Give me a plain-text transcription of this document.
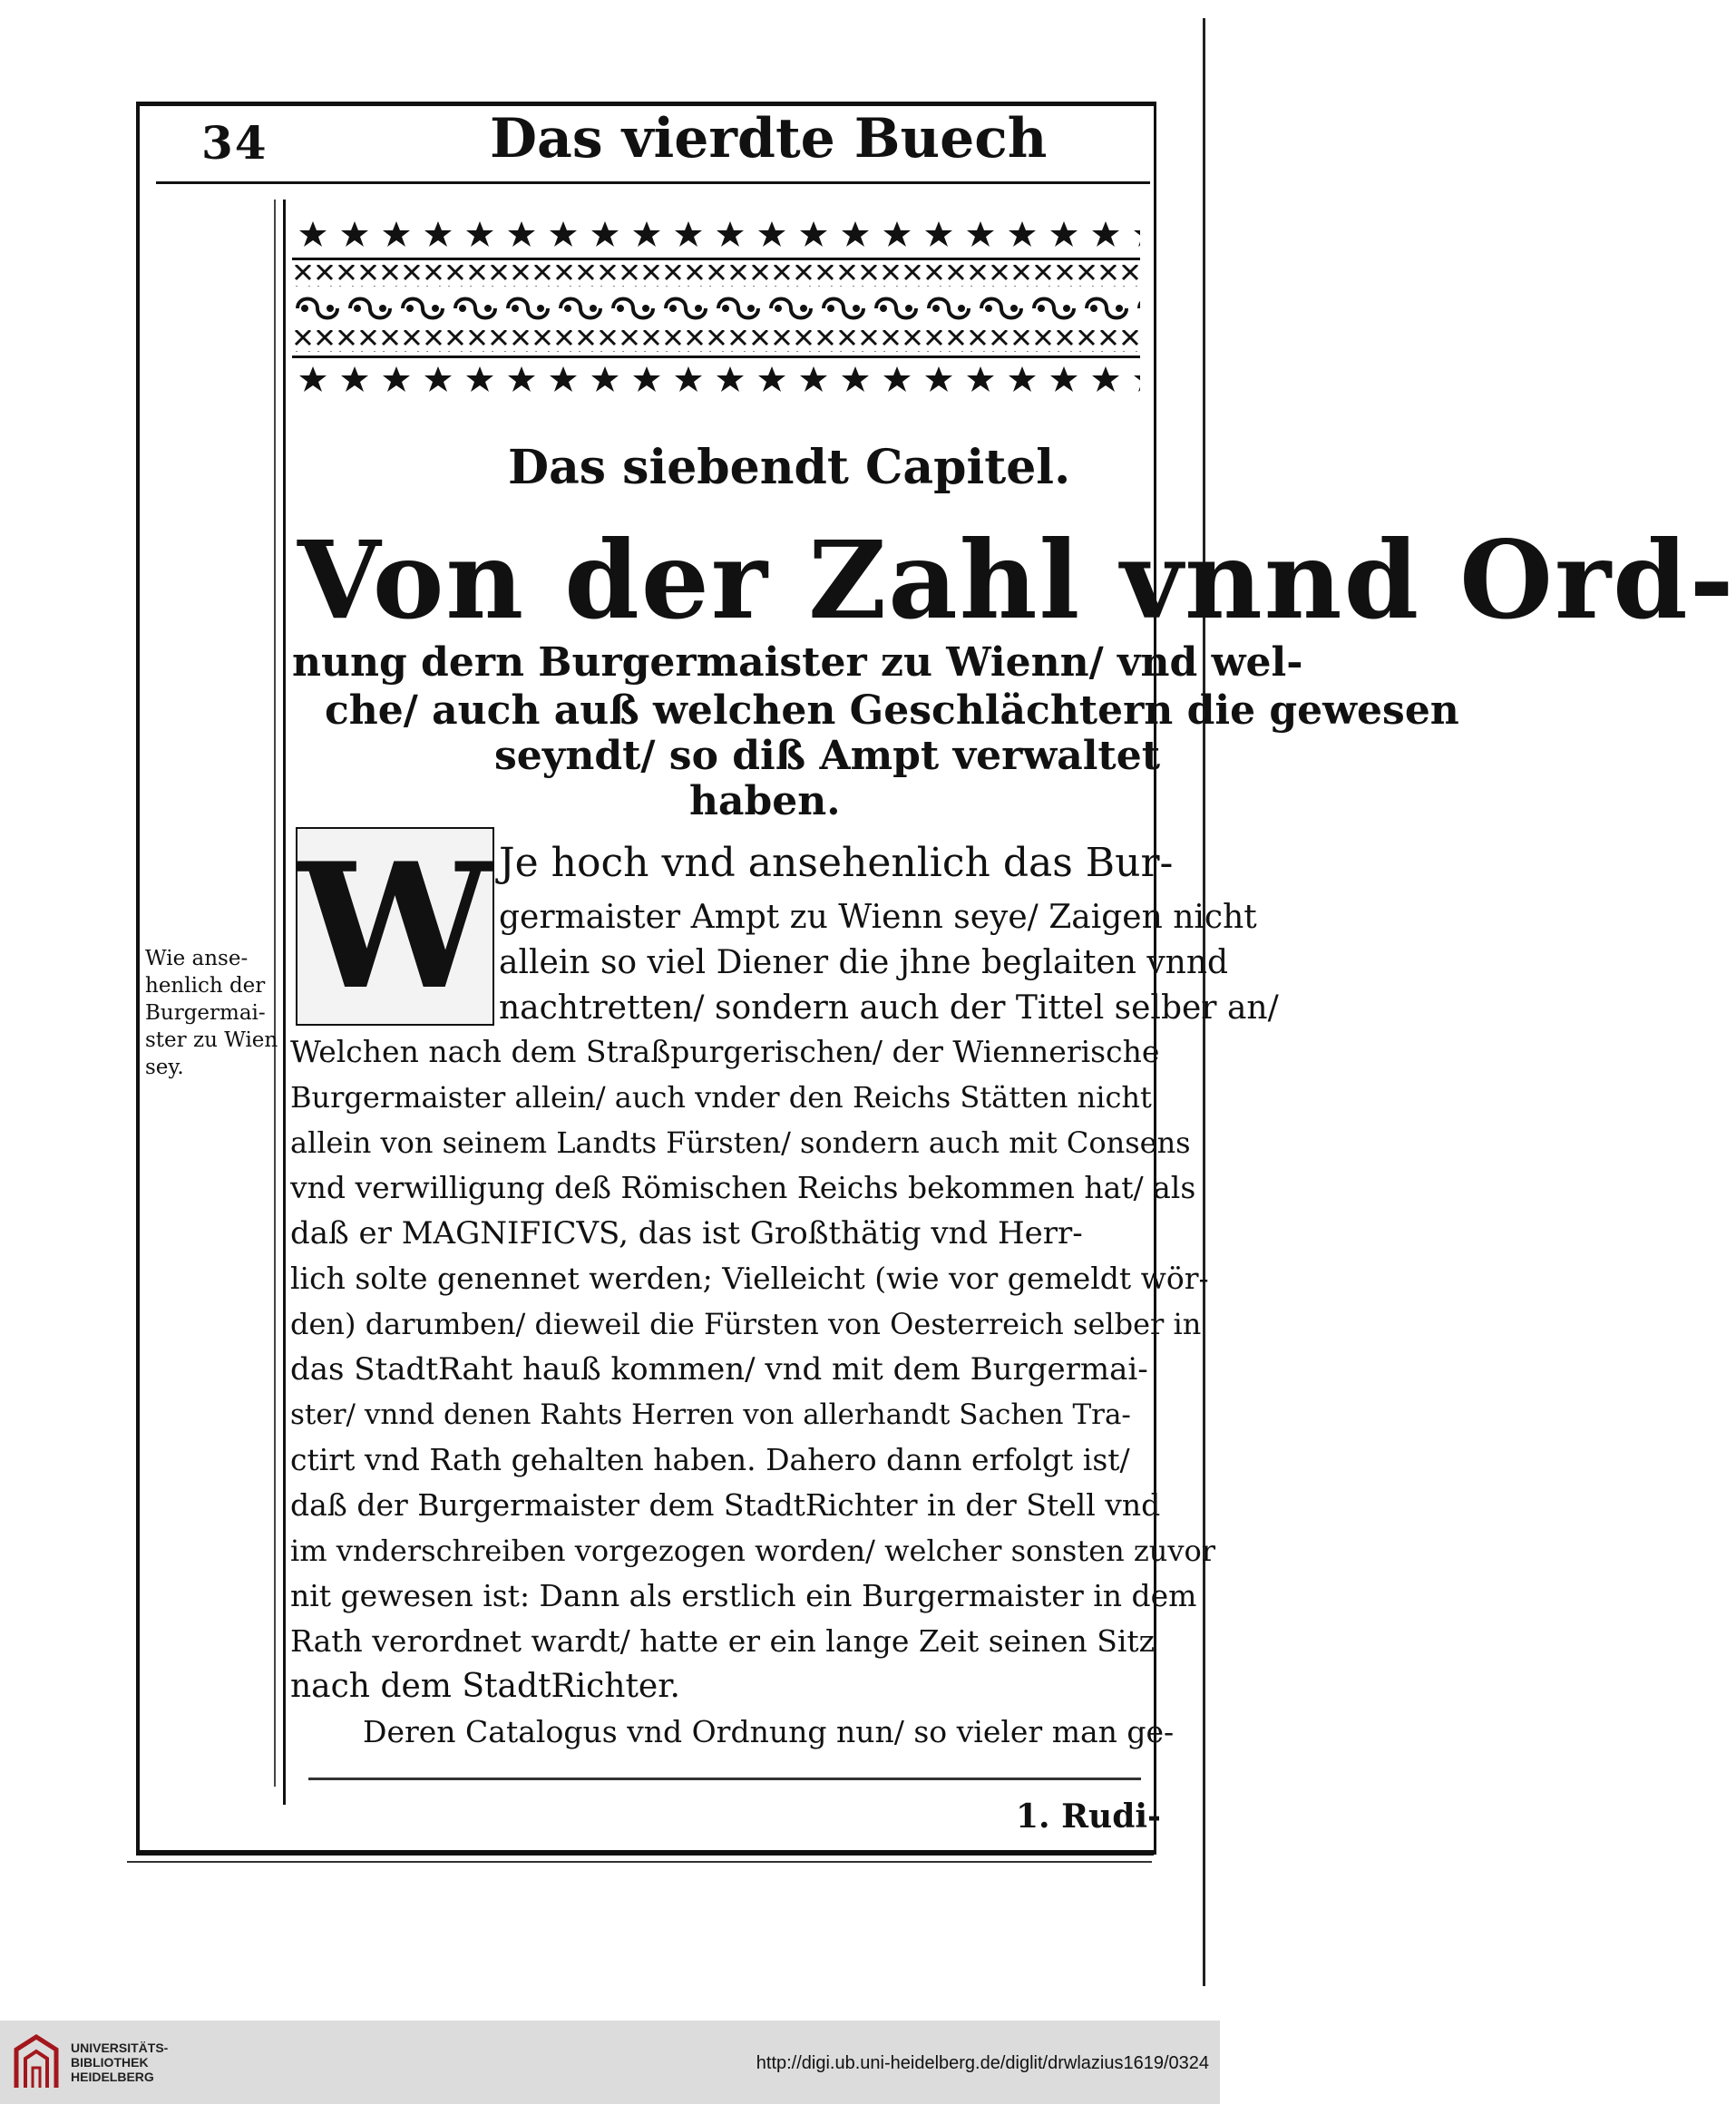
34	Das vierdte Buech
Das siebendt Capitel.
Von der Zahl vnnd Ord-
nung dern Burgermaister zu Wienn/ vnd wel-
che/ auch auß welchen Geschlächtern die gewesen
seyndt/ so diß Ampt verwaltet
haben.
W Je hoch vnd ansehenlich das Bur-
germaister Ampt zu Wienn seye/ Zaigen nicht
allein so viel Diener die jhne beglaiten vnnd
nachtretten/ sondern auch der Tittel selber an/
Welchen nach dem Straßpurgerischen/ der Wiennerische
Burgermaister allein/ auch vnder den Reichs Stätten nicht
allein von seinem Landts Fürsten/ sondern auch mit Consens
vnd verwilligung deß Römischen Reichs bekommen hat/ als
daß er MAGNIFICVS, das ist Großthätig vnd Herr-
lich solte genennet werden; Vielleicht (wie vor gemeldt wör-
den) darumben/ dieweil die Fürsten von Oesterreich selber in
das StadtRaht hauß kommen/ vnd mit dem Burgermai-
ster/ vnnd denen Rahts Herren von allerhandt Sachen Tra-
ctirt vnd Rath gehalten haben. Dahero dann erfolgt ist/
daß der Burgermaister dem StadtRichter in der Stell vnd
im vnderschreiben vorgezogen worden/ welcher sonsten zuvor
nit gewesen ist: Dann als erstlich ein Burgermaister in dem
Rath verordnet wardt/ hatte er ein lange Zeit seinen Sitz
nach dem StadtRichter.
Deren Catalogus vnd Ordnung nun/ so vieler man ge-
Wie anse-
henlich der
Burgermai-
ster zu Wien
sey.
1. Rudi-
UNIVERSITÄTS-
BIBLIOTHEK
HEIDELBERG
http://digi.ub.uni-heidelberg.de/diglit/drwlazius1619/0324
